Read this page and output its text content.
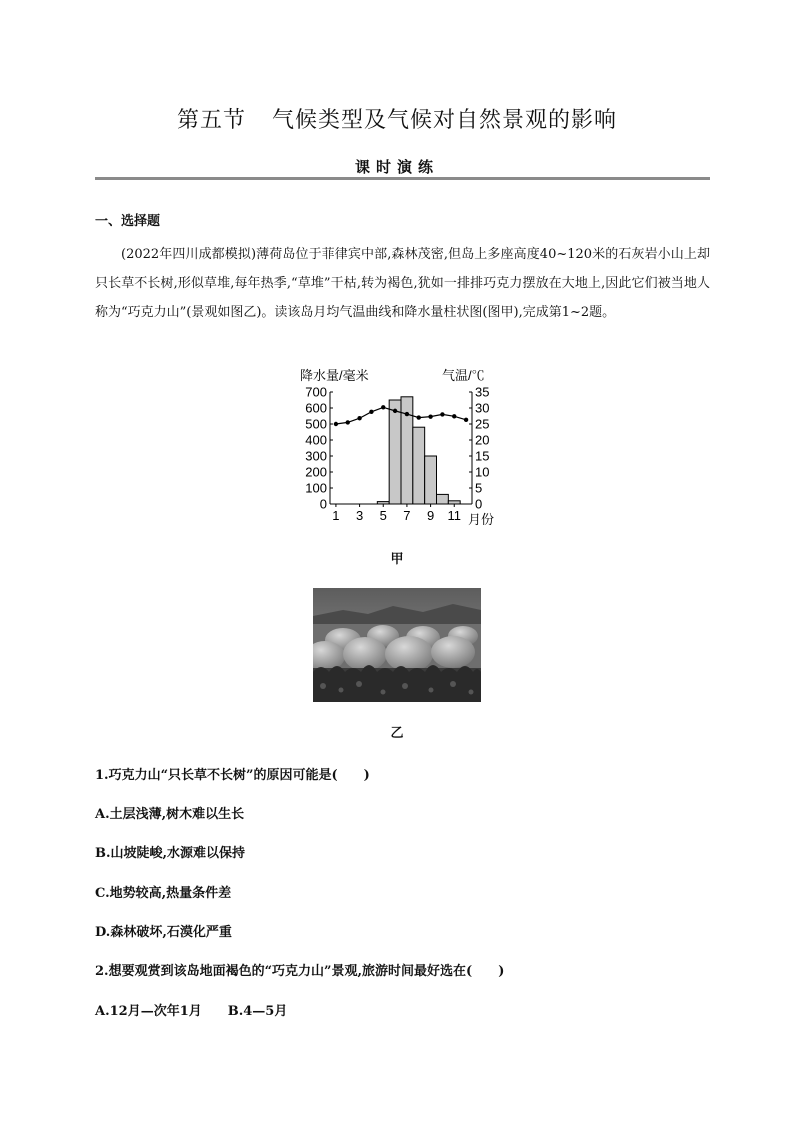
第五节 气候类型及气候对自然景观的影响
课时演练
一、选择题
(2022年四川成都模拟)薄荷岛位于菲律宾中部,森林茂密,但岛上多座高度40~120米的石灰岩小山上却只长草不长树,形似草堆,每年热季,“草堆”干枯,转为褐色,犹如一排排巧克力摆放在大地上,因此它们被当地人称为“巧克力山”(景观如图乙)。读该岛月均气温曲线和降水量柱状图(图甲),完成第1~2题。
降水量/毫米	气温/℃
0
100
200
300
400
500
600
700
0
5
10
15
20
25
30
35
1 3 5 7 9 11 月份
甲
乙
1.巧克力山“只长草不长树”的原因可能是(　　)
A.土层浅薄,树木难以生长
B.山坡陡峻,水源难以保持
C.地势较高,热量条件差
D.森林破坏,石漠化严重
2.想要观赏到该岛地面褐色的“巧克力山”景观,旅游时间最好选在(　　)
A.12月—次年1月 B.4—5月
